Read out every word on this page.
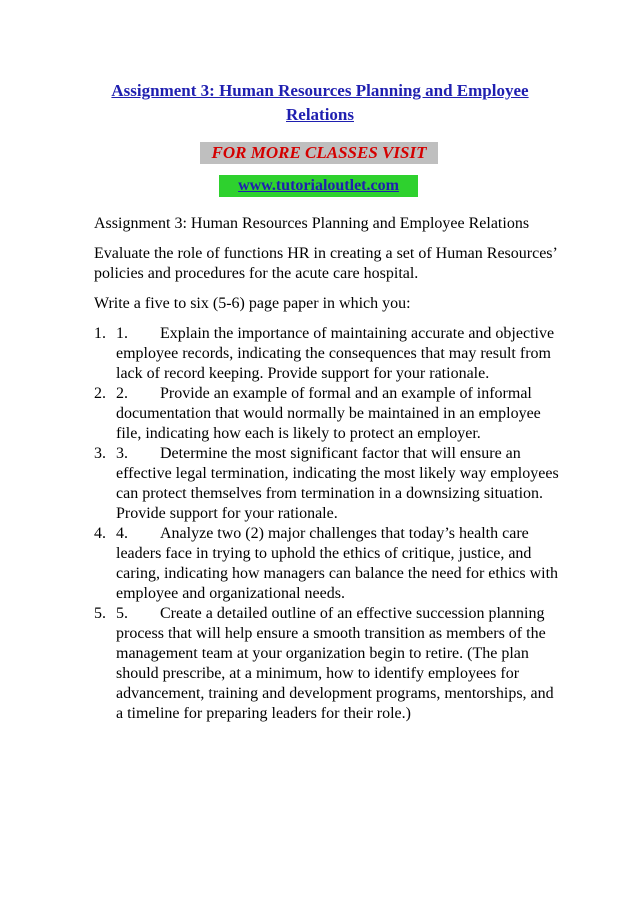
Assignment 3: Human Resources Planning and Employee Relations
FOR MORE CLASSES VISIT
www.tutorialoutlet.com

Assignment 3: Human Resources Planning and Employee Relations

Evaluate the role of functions HR in creating a set of Human Resources’ policies and procedures for the acute care hospital.

Write a five to six (5-6) page paper in which you:

1. 1. Explain the importance of maintaining accurate and objective employee records, indicating the consequences that may result from lack of record keeping. Provide support for your rationale.
2. 2. Provide an example of formal and an example of informal documentation that would normally be maintained in an employee file, indicating how each is likely to protect an employer.
3. 3. Determine the most significant factor that will ensure an effective legal termination, indicating the most likely way employees can protect themselves from termination in a downsizing situation. Provide support for your rationale.
4. 4. Analyze two (2) major challenges that today’s health care leaders face in trying to uphold the ethics of critique, justice, and caring, indicating how managers can balance the need for ethics with employee and organizational needs.
5. 5. Create a detailed outline of an effective succession planning process that will help ensure a smooth transition as members of the management team at your organization begin to retire. (The plan should prescribe, at a minimum, how to identify employees for advancement, training and development programs, mentorships, and a timeline for preparing leaders for their role.)
